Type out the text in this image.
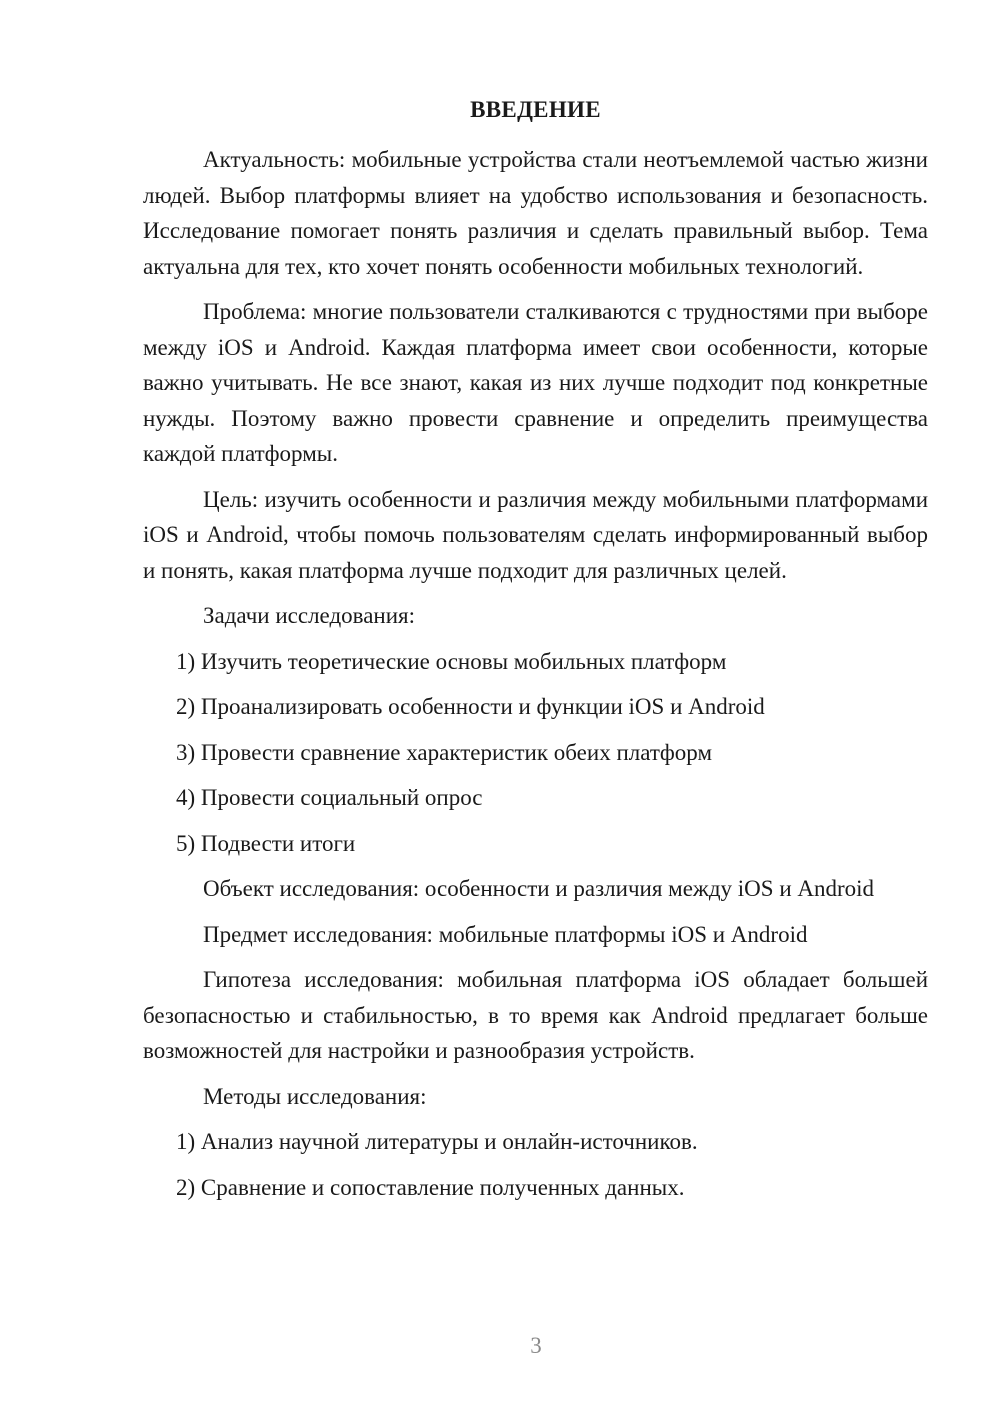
ВВЕДЕНИЕ

Актуальность: мобильные устройства стали неотъемлемой частью жизни людей. Выбор платформы влияет на удобство использования и безопасность. Исследование помогает понять различия и сделать правильный выбор. Тема актуальна для тех, кто хочет понять особенности мобильных технологий.

Проблема: многие пользователи сталкиваются с трудностями при выборе между iOS и Android. Каждая платформа имеет свои особенности, которые важно учитывать. Не все знают, какая из них лучше подходит под конкретные нужды. Поэтому важно провести сравнение и определить преимущества каждой платформы.

Цель: изучить особенности и различия между мобильными платформами iOS и Android, чтобы помочь пользователям сделать информированный выбор и понять, какая платформа лучше подходит для различных целей.

Задачи исследования:

1) Изучить теоретические основы мобильных платформ
2) Проанализировать особенности и функции iOS и Android
3) Провести сравнение характеристик обеих платформ
4) Провести социальный опрос
5) Подвести итоги

Объект исследования: особенности и различия между iOS и Android

Предмет исследования: мобильные платформы iOS и Android

Гипотеза исследования: мобильная платформа iOS обладает большей безопасностью и стабильностью, в то время как Android предлагает больше возможностей для настройки и разнообразия устройств.

Методы исследования:

1) Анализ научной литературы и онлайн-источников.
2) Сравнение и сопоставление полученных данных.
3
